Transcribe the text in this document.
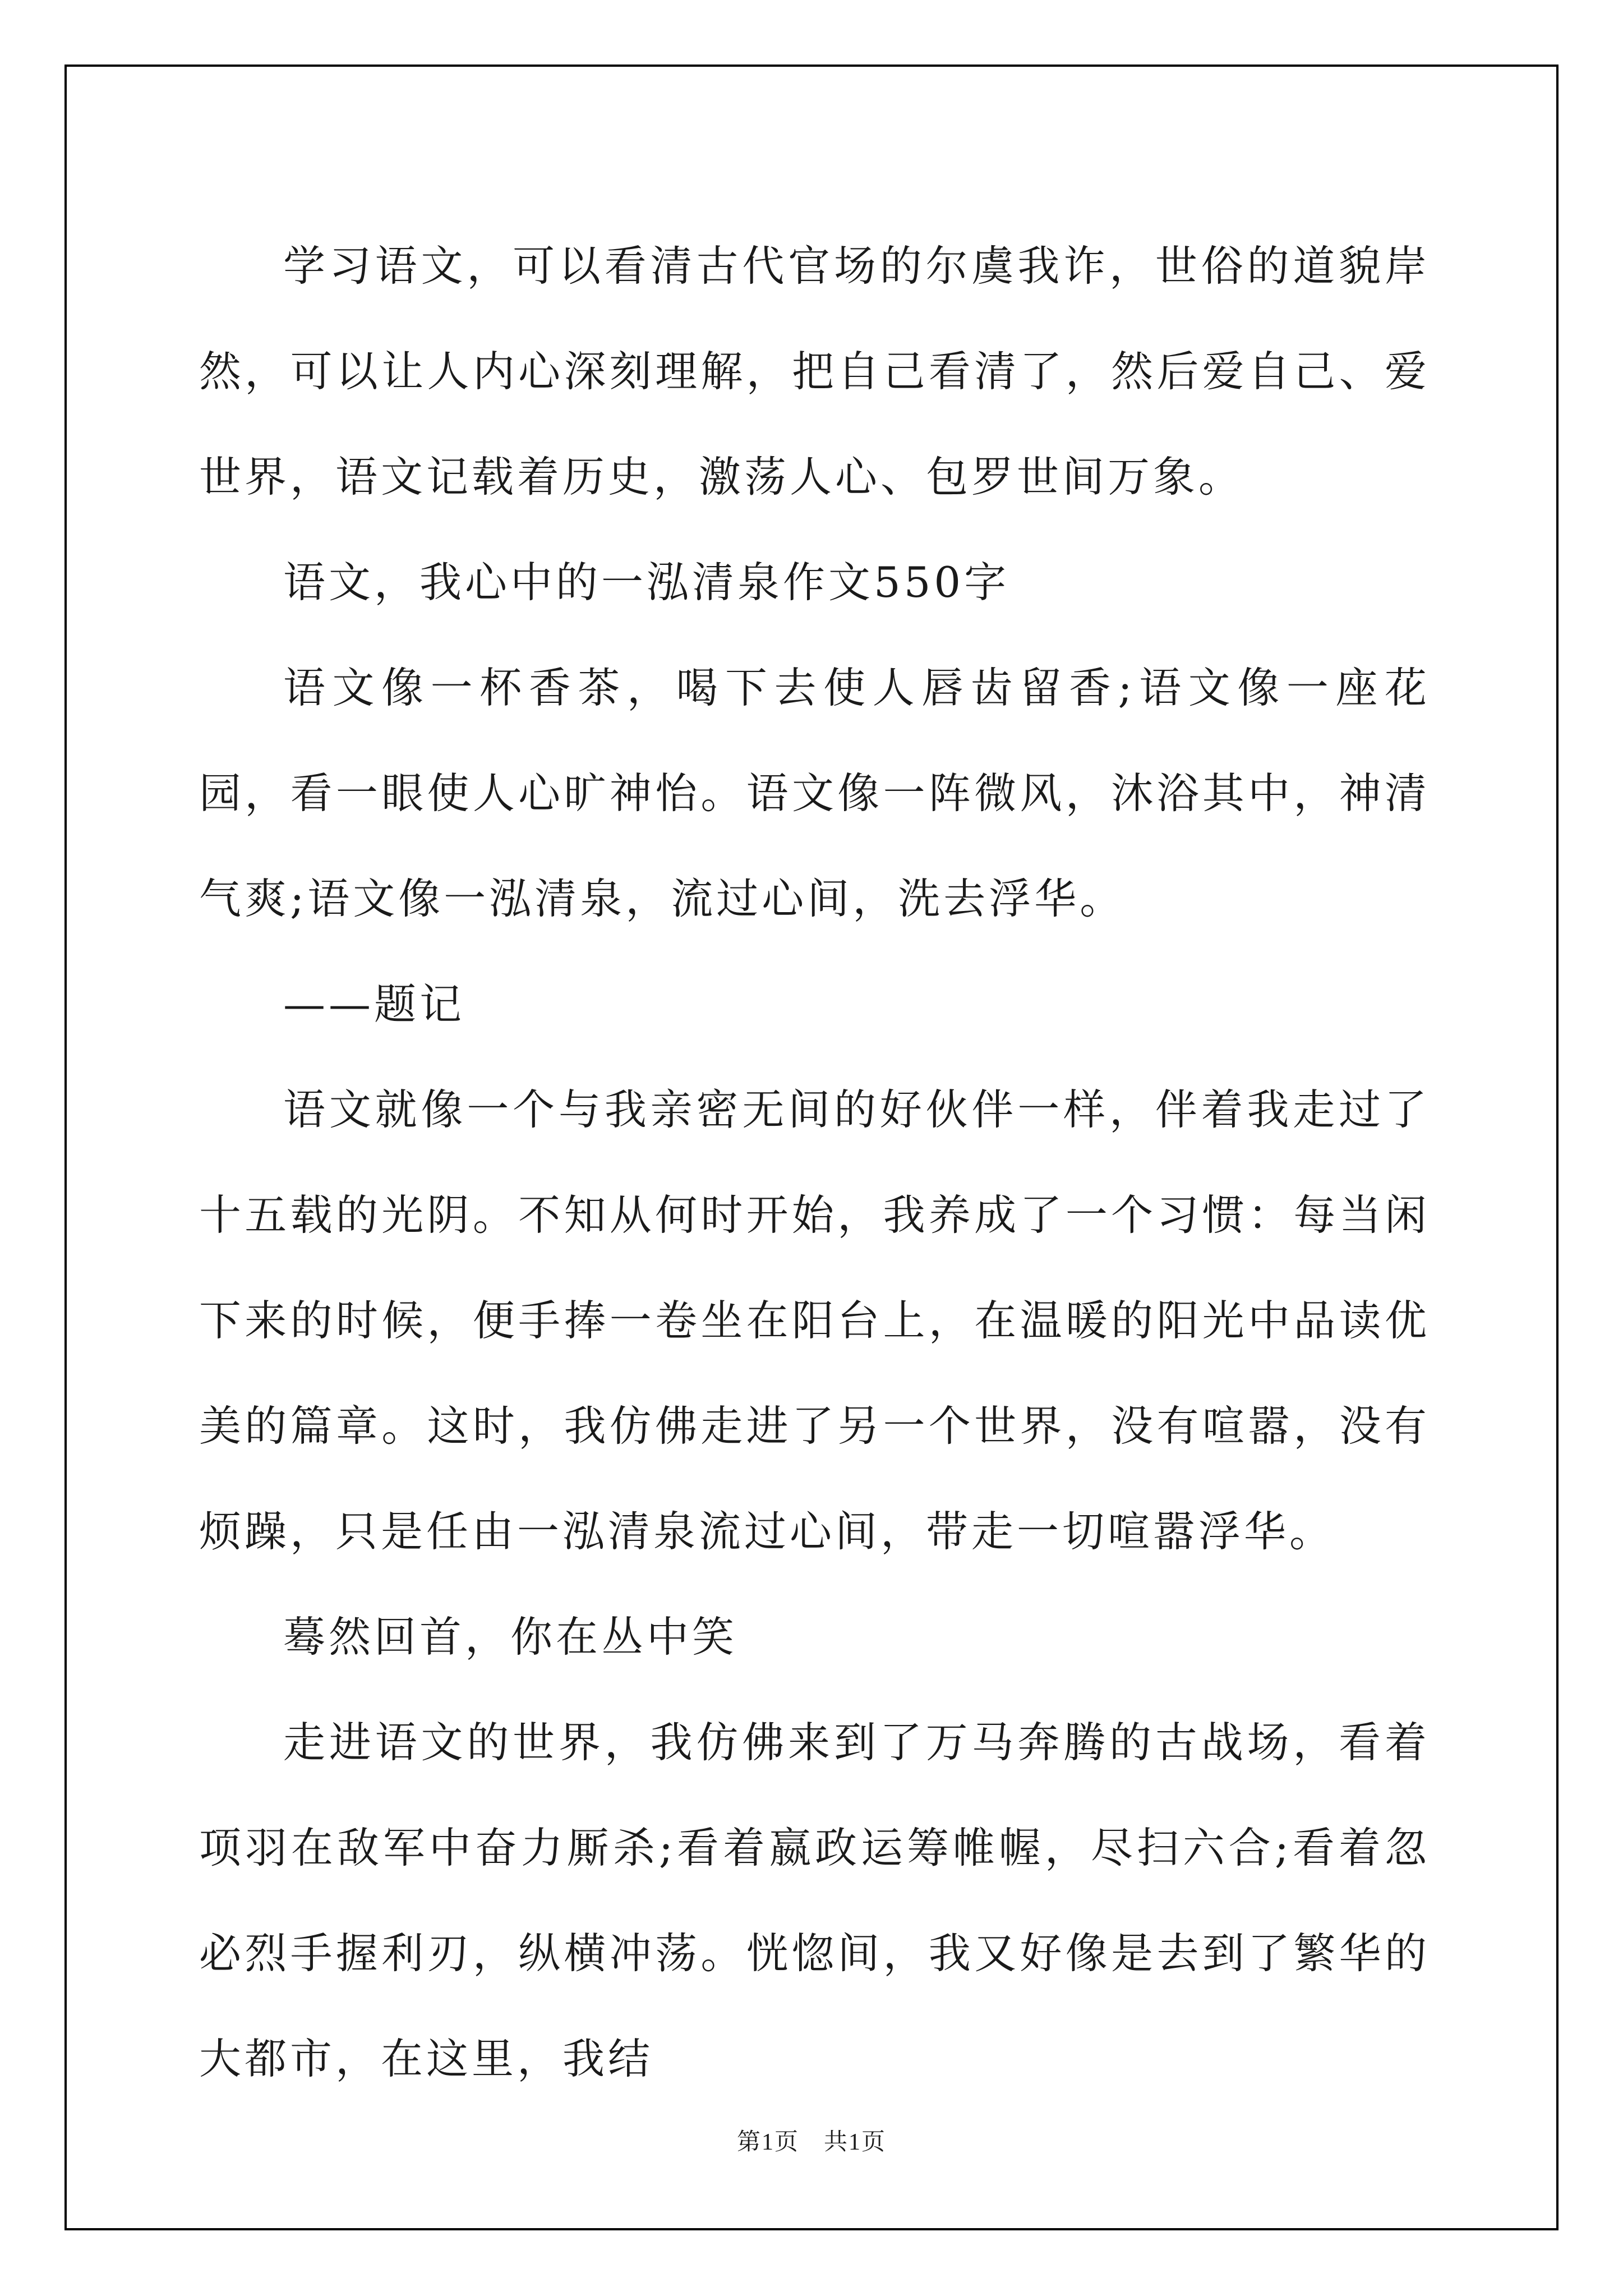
学习语文，可以看清古代官场的尔虞我诈，世俗的道貌岸然，可以让人内心深刻理解，把自己看清了，然后爱自己、爱世界，语文记载着历史，激荡人心、包罗世间万象。

语文，我心中的一泓清泉作文550字

语文像一杯香茶，喝下去使人唇齿留香;语文像一座花园，看一眼使人心旷神怡。语文像一阵微风，沐浴其中，神清气爽;语文像一泓清泉，流过心间，洗去浮华。

——题记

语文就像一个与我亲密无间的好伙伴一样，伴着我走过了十五载的光阴。不知从何时开始，我养成了一个习惯：每当闲下来的时候，便手捧一卷坐在阳台上，在温暖的阳光中品读优美的篇章。这时，我仿佛走进了另一个世界，没有喧嚣，没有烦躁，只是任由一泓清泉流过心间，带走一切喧嚣浮华。

蓦然回首，你在丛中笑

走进语文的世界，我仿佛来到了万马奔腾的古战场，看着项羽在敌军中奋力厮杀;看着嬴政运筹帷幄，尽扫六合;看着忽必烈手握利刃，纵横冲荡。恍惚间，我又好像是去到了繁华的大都市，在这里，我结

第1页 共1页
